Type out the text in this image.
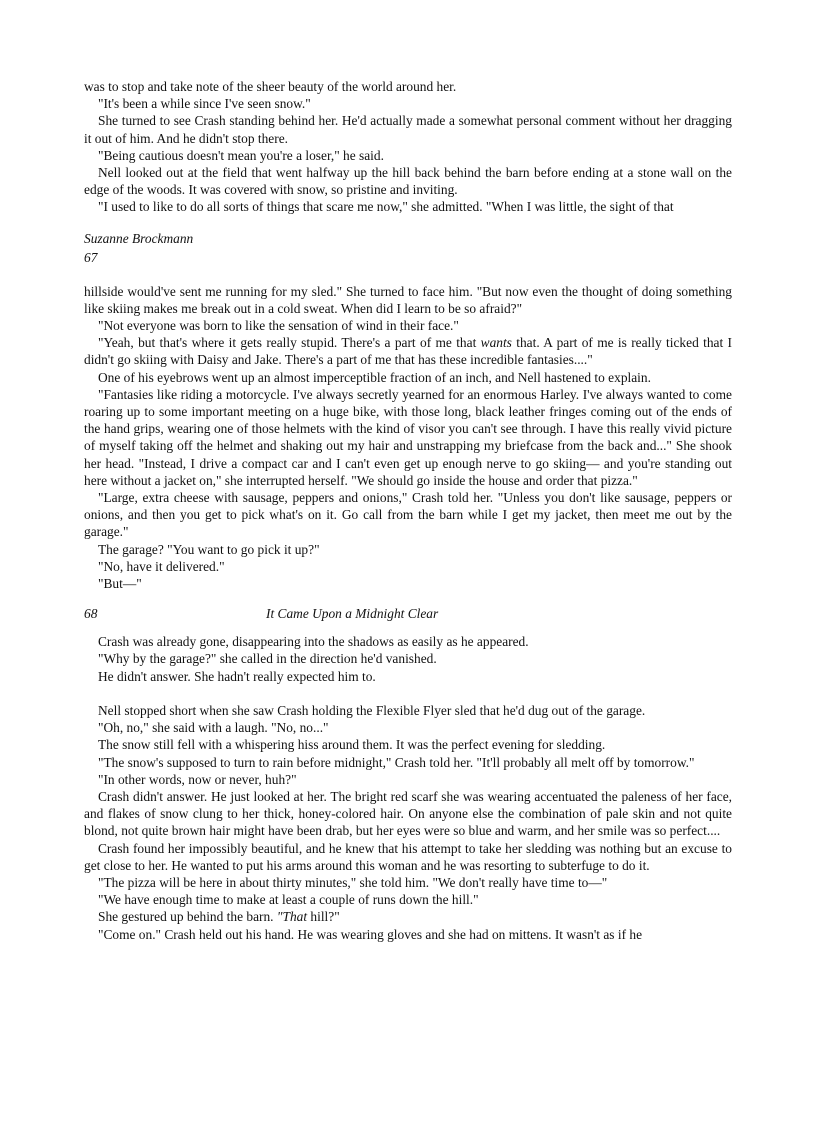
was to stop and take note of the sheer beauty of the world around her.

"It's been a while since I've seen snow."

She turned to see Crash standing behind her. He'd actually made a somewhat personal comment without her dragging it out of him. And he didn't stop there.

"Being cautious doesn't mean you're a loser," he said.

Nell looked out at the field that went halfway up the hill back behind the barn before ending at a stone wall on the edge of the woods. It was covered with snow, so pristine and inviting.

"I used to like to do all sorts of things that scare me now," she admitted. "When I was little, the sight of that

Suzanne Brockmann
67

hillside would've sent me running for my sled." She turned to face him. "But now even the thought of doing something like skiing makes me break out in a cold sweat. When did I learn to be so afraid?"

"Not everyone was born to like the sensation of wind in their face."

"Yeah, but that's where it gets really stupid. There's a part of me that wants that. A part of me is really ticked that I didn't go skiing with Daisy and Jake. There's a part of me that has these incredible fantasies...."

One of his eyebrows went up an almost imperceptible fraction of an inch, and Nell hastened to explain.

"Fantasies like riding a motorcycle. I've always secretly yearned for an enormous Harley. I've always wanted to come roaring up to some important meeting on a huge bike, with those long, black leather fringes coming out of the ends of the hand grips, wearing one of those helmets with the kind of visor you can't see through. I have this really vivid picture of myself taking off the helmet and shaking out my hair and unstrapping my briefcase from the back and..." She shook her head. "Instead, I drive a compact car and I can't even get up enough nerve to go skiing— and you're standing out here without a jacket on," she interrupted herself. "We should go inside the house and order that pizza."

"Large, extra cheese with sausage, peppers and onions," Crash told her. "Unless you don't like sausage, peppers or onions, and then you get to pick what's on it. Go call from the barn while I get my jacket, then meet me out by the garage."

The garage? "You want to go pick it up?"

"No, have it delivered."

"But—"

68	It Came Upon a Midnight Clear

Crash was already gone, disappearing into the shadows as easily as he appeared.

"Why by the garage?" she called in the direction he'd vanished.

He didn't answer. She hadn't really expected him to.

Nell stopped short when she saw Crash holding the Flexible Flyer sled that he'd dug out of the garage.

"Oh, no," she said with a laugh. "No, no..."

The snow still fell with a whispering hiss around them. It was the perfect evening for sledding.

"The snow's supposed to turn to rain before midnight," Crash told her. "It'll probably all melt off by tomorrow."

"In other words, now or never, huh?"

Crash didn't answer. He just looked at her. The bright red scarf she was wearing accentuated the paleness of her face, and flakes of snow clung to her thick, honey-colored hair. On anyone else the combination of pale skin and not quite blond, not quite brown hair might have been drab, but her eyes were so blue and warm, and her smile was so perfect....

Crash found her impossibly beautiful, and he knew that his attempt to take her sledding was nothing but an excuse to get close to her. He wanted to put his arms around this woman and he was resorting to subterfuge to do it.

"The pizza will be here in about thirty minutes," she told him. "We don't really have time to—"

"We have enough time to make at least a couple of runs down the hill."

She gestured up behind the barn. "That hill?"

"Come on." Crash held out his hand. He was wearing gloves and she had on mittens. It wasn't as if he
